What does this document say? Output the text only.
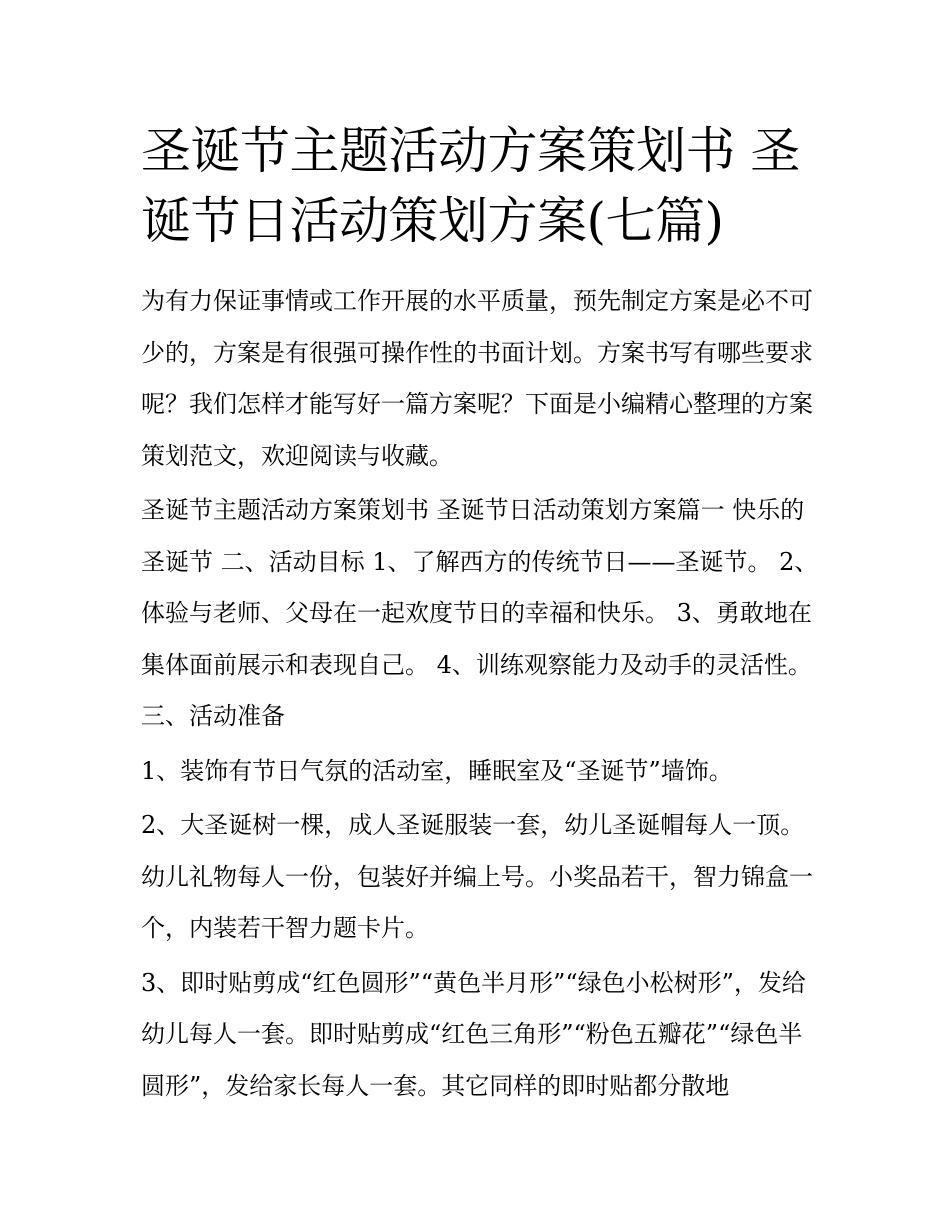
圣诞节主题活动方案策划书 圣诞节日活动策划方案(七篇)

为有力保证事情或工作开展的水平质量，预先制定方案是必不可少的，方案是有很强可操作性的书面计划。方案书写有哪些要求呢？我们怎样才能写好一篇方案呢？下面是小编精心整理的方案策划范文，欢迎阅读与收藏。

圣诞节主题活动方案策划书 圣诞节日活动策划方案篇一 快乐的圣诞节 二、活动目标 1、了解西方的传统节日——圣诞节。 2、体验与老师、父母在一起欢度节日的幸福和快乐。 3、勇敢地在集体面前展示和表现自己。 4、训练观察能力及动手的灵活性。 三、活动准备

1、装饰有节日气氛的活动室，睡眠室及“圣诞节”墙饰。

2、大圣诞树一棵，成人圣诞服装一套，幼儿圣诞帽每人一顶。幼儿礼物每人一份，包装好并编上号。小奖品若干，智力锦盒一个，内装若干智力题卡片。

3、即时贴剪成“红色圆形”“黄色半月形”“绿色小松树形”，发给幼儿每人一套。即时贴剪成“红色三角形”“粉色五瓣花”“绿色半圆形”，发给家长每人一套。其它同样的即时贴都分散地
